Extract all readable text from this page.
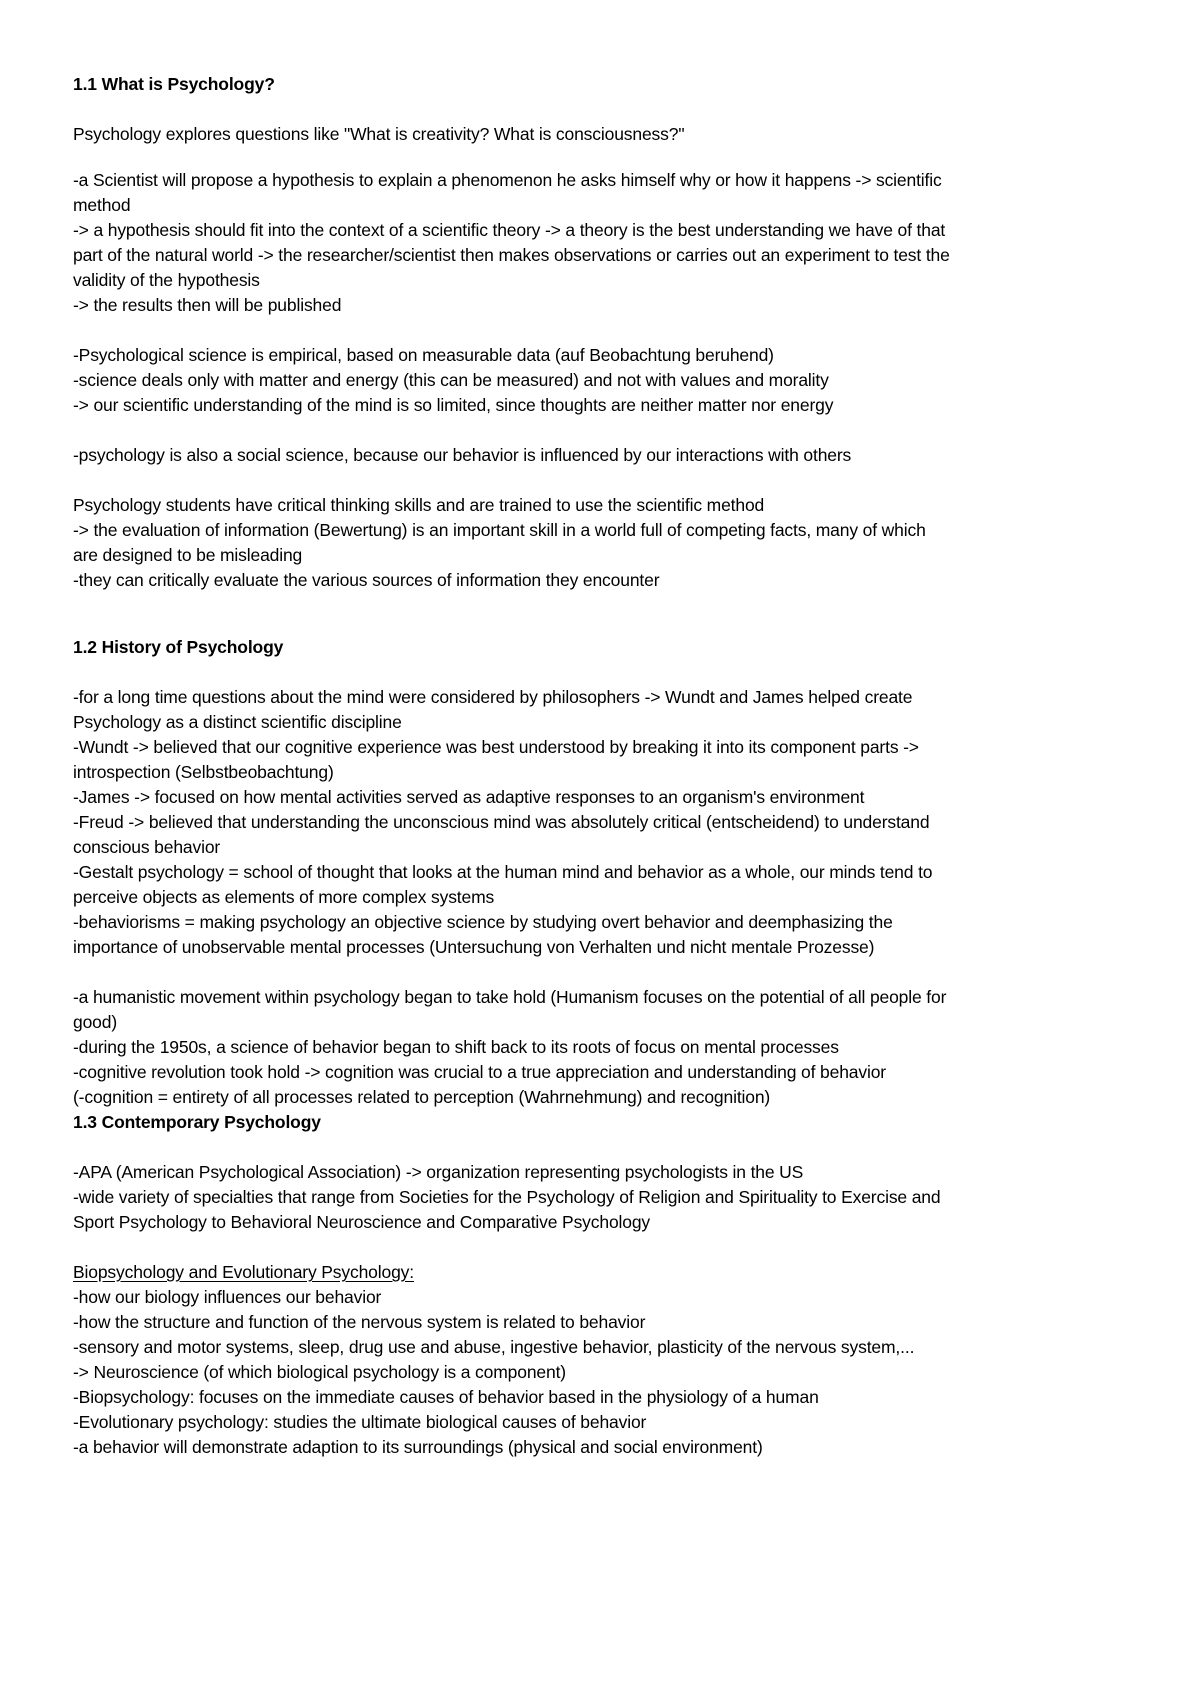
1.1 What is Psychology?
Psychology explores questions like "What is creativity? What is consciousness?"
-a Scientist will propose a hypothesis to explain a phenomenon he asks himself why or how it happens -> scientific
method
-> a hypothesis should fit into the context of a scientific theory -> a theory is the best understanding we have of that
part of the natural world -> the researcher/scientist then makes observations or carries out an experiment to test the
validity of the hypothesis
-> the results then will be published
-Psychological science is empirical, based on measurable data (auf Beobachtung beruhend)
-science deals only with matter and energy (this can be measured) and not with values and morality
-> our scientific understanding of the mind is so limited, since thoughts are neither matter nor energy
-psychology is also a social science, because our behavior is influenced by our interactions with others
Psychology students have critical thinking skills and are trained to use the scientific method
-> the evaluation of information (Bewertung) is an important skill in a world full of competing facts, many of which
are designed to be misleading
-they can critically evaluate the various sources of information they encounter
1.2 History of Psychology
-for a long time questions about the mind were considered by philosophers -> Wundt and James helped create
Psychology as a distinct scientific discipline
-Wundt -> believed that our cognitive experience was best understood by breaking it into its component parts ->
introspection (Selbstbeobachtung)
-James -> focused on how mental activities served as adaptive responses to an organism's environment
-Freud -> believed that understanding the unconscious mind was absolutely critical (entscheidend) to understand
conscious behavior
-Gestalt psychology = school of thought that looks at the human mind and behavior as a whole, our minds tend to
perceive objects as elements of more complex systems
-behaviorisms = making psychology an objective science by studying overt behavior and deemphasizing the
importance of unobservable mental processes (Untersuchung von Verhalten und nicht mentale Prozesse)
-a humanistic movement within psychology began to take hold (Humanism focuses on the potential of all people for
good)
-during the 1950s, a science of behavior began to shift back to its roots of focus on mental processes
-cognitive revolution took hold -> cognition was crucial to a true appreciation and understanding of behavior
(-cognition = entirety of all processes related to perception (Wahrnehmung) and recognition)
1.3 Contemporary Psychology
-APA (American Psychological Association) -> organization representing psychologists in the US
-wide variety of specialties that range from Societies for the Psychology of Religion and Spirituality to Exercise and
Sport Psychology to Behavioral Neuroscience and Comparative Psychology
Biopsychology and Evolutionary Psychology:
-how our biology influences our behavior
-how the structure and function of the nervous system is related to behavior
-sensory and motor systems, sleep, drug use and abuse, ingestive behavior, plasticity of the nervous system,...
-> Neuroscience (of which biological psychology is a component)
-Biopsychology: focuses on the immediate causes of behavior based in the physiology of a human
-Evolutionary psychology: studies the ultimate biological causes of behavior
-a behavior will demonstrate adaption to its surroundings (physical and social environment)
